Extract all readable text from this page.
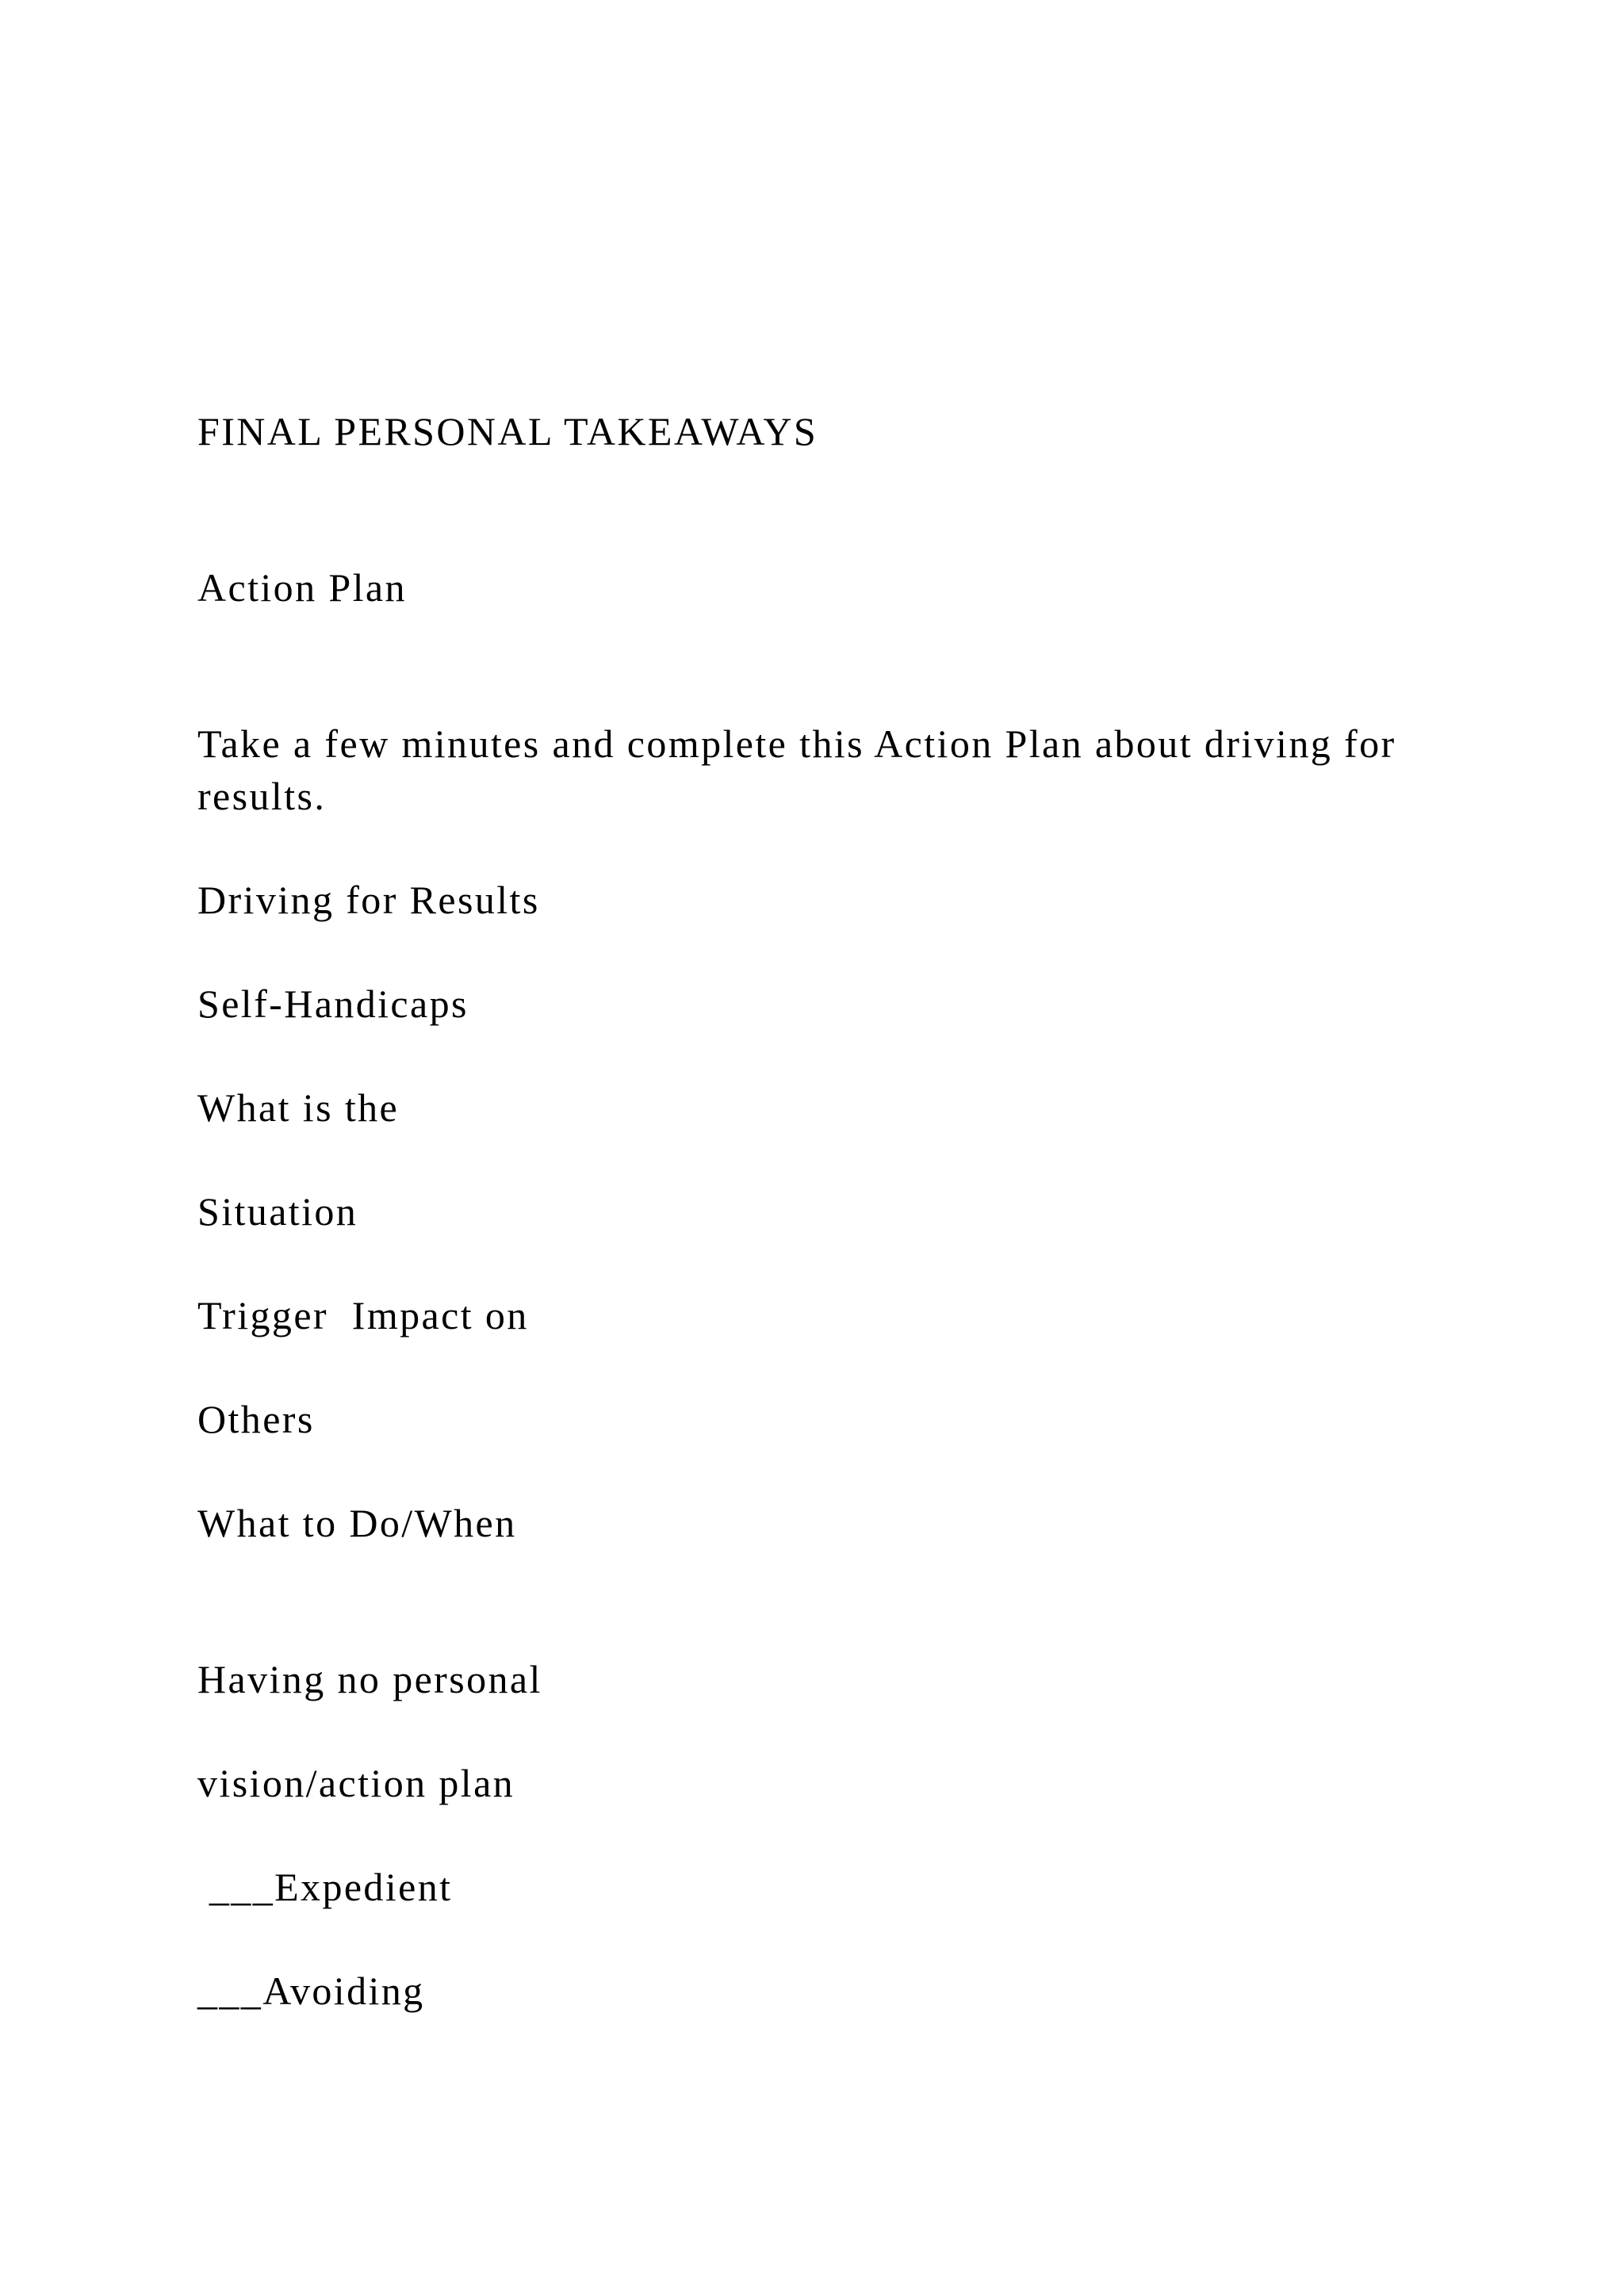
FINAL PERSONAL TAKEAWAYS
Action Plan

Take a few minutes and complete this Action Plan about driving for results.

Driving for Results

Self-Handicaps

What is the

Situation

Trigger  Impact on

Others

What to Do/When

Having no personal

vision/action plan

___Expedient

___Avoiding
